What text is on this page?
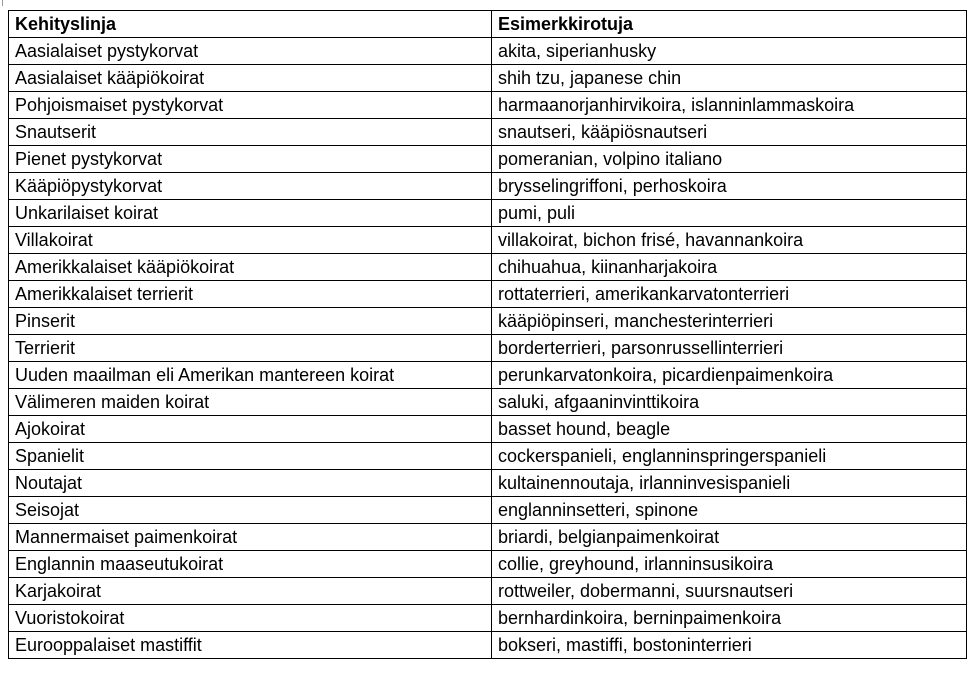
Kehityslinja	Esimerkkirotuja
Aasialaiset pystykorvat	akita, siperianhusky
Aasialaiset kääpiökoirat	shih tzu, japanese chin
Pohjoismaiset pystykorvat	harmaanorjanhirvikoira, islanninlammaskoira
Snautserit	snautseri, kääpiösnautseri
Pienet pystykorvat	pomeranian, volpino italiano
Kääpiöpystykorvat	brysselingriffoni, perhoskoira
Unkarilaiset koirat	pumi, puli
Villakoirat	villakoirat, bichon frisé, havannankoira
Amerikkalaiset kääpiökoirat	chihuahua, kiinanharjakoira
Amerikkalaiset terrierit	rottaterrieri, amerikankarvatonterrieri
Pinserit	kääpiöpinseri, manchesterinterrieri
Terrierit	borderterrieri, parsonrussellinterrieri
Uuden maailman eli Amerikan mantereen koirat	perunkarvatonkoira, picardienpaimenkoira
Välimeren maiden koirat	saluki, afgaaninvinttikoira
Ajokoirat	basset hound, beagle
Spanielit	cockerspanieli, englanninspringerspanieli
Noutajat	kultainennoutaja, irlanninvesispanieli
Seisojat	englanninsetteri, spinone
Mannermaiset paimenkoirat	briardi, belgianpaimenkoirat
Englannin maaseutukoirat	collie, greyhound, irlanninsusikoira
Karjakoirat	rottweiler, dobermanni, suursnautseri
Vuoristokoirat	bernhardinkoira, berninpaimenkoira
Eurooppalaiset mastiffit	bokseri, mastiffi, bostoninterrieri
